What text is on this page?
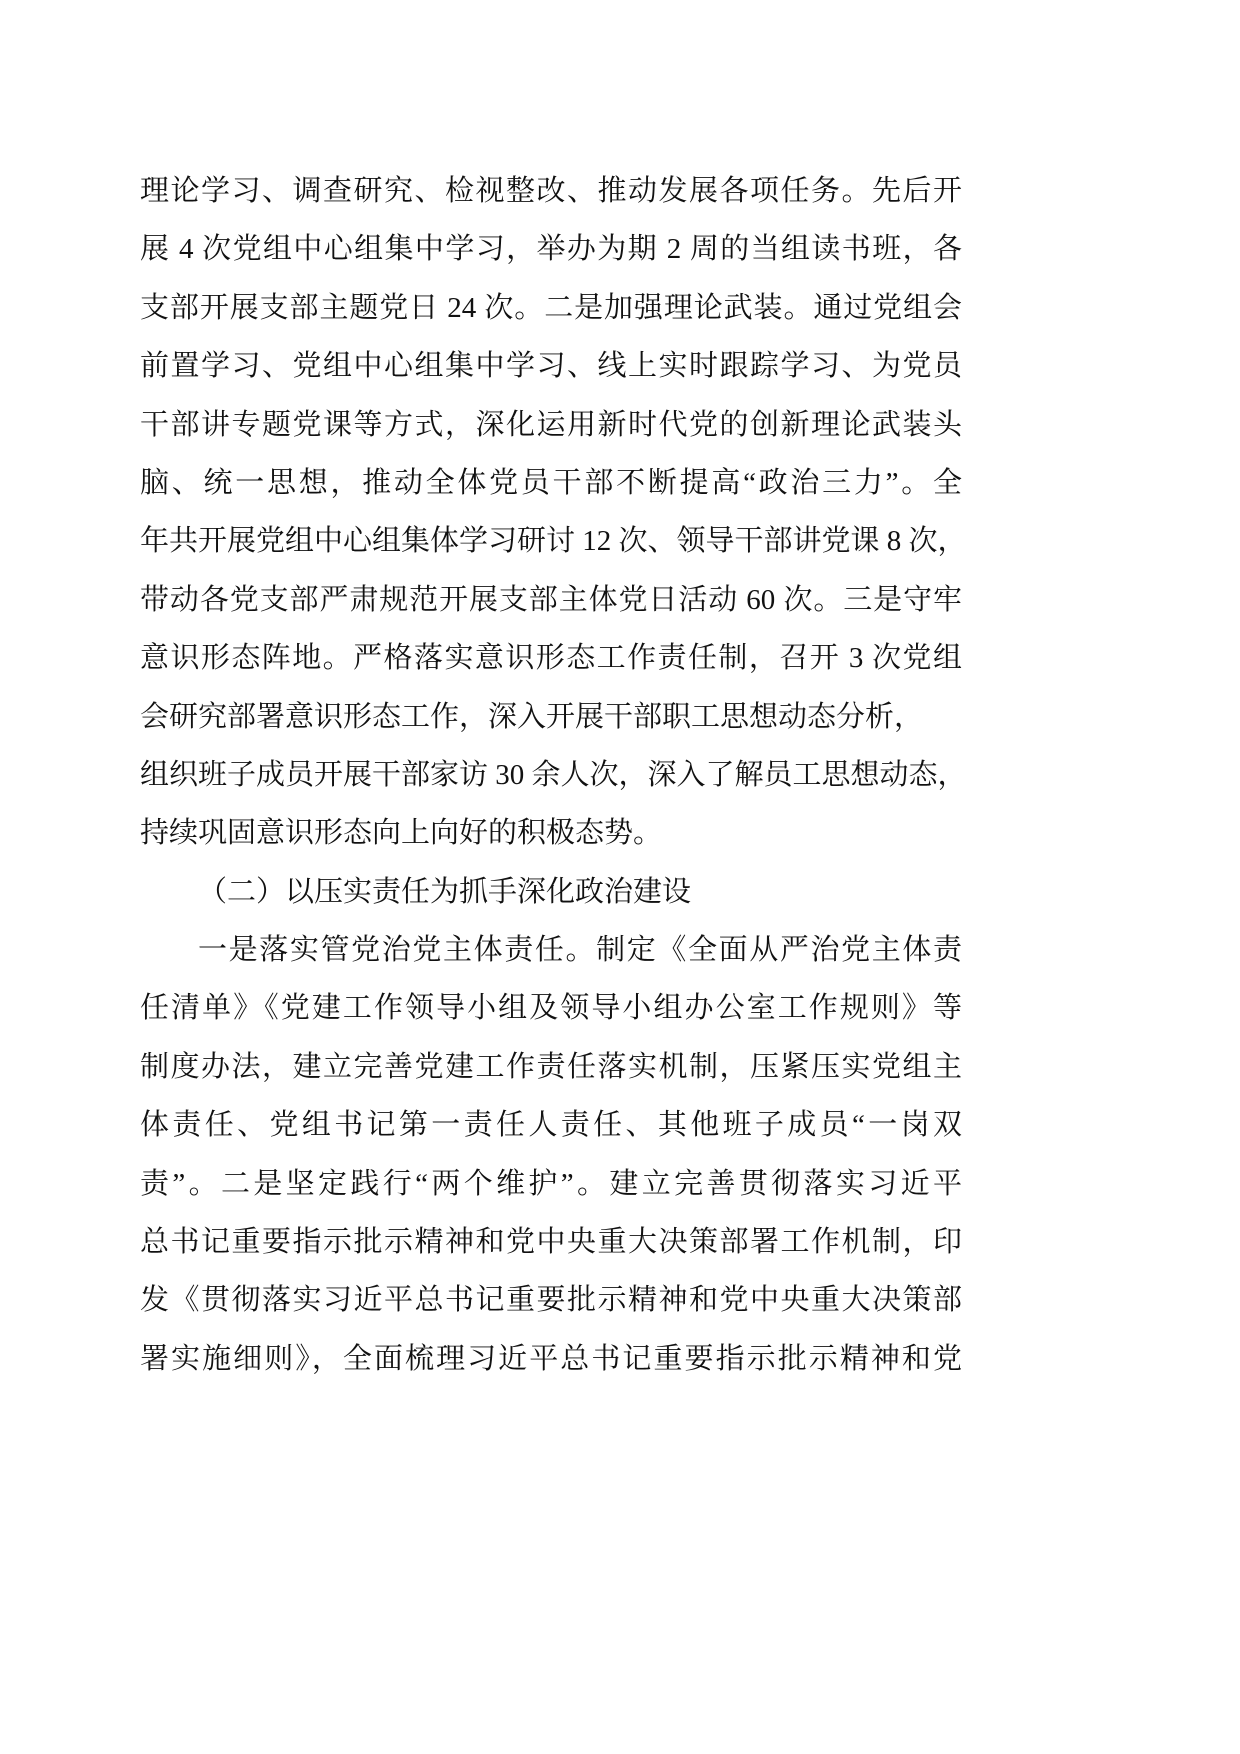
理论学习、调查研究、检视整改、推动发展各项任务。先后开
展 4 次党组中心组集中学习，举办为期 2 周的当组读书班，各
支部开展支部主题党日 24 次。二是加强理论武装。通过党组会
前置学习、党组中心组集中学习、线上实时跟踪学习、为党员
干部讲专题党课等方式，深化运用新时代党的创新理论武装头
脑、统一思想，推动全体党员干部不断提高“政治三力”。全
年共开展党组中心组集体学习研讨 12 次、领导干部讲党课 8 次，
带动各党支部严肃规范开展支部主体党日活动 60 次。三是守牢
意识形态阵地。严格落实意识形态工作责任制，召开 3 次党组
会研究部署意识形态工作，深入开展干部职工思想动态分析，
组织班子成员开展干部家访 30 余人次，深入了解员工思想动态，
持续巩固意识形态向上向好的积极态势。
（二）以压实责任为抓手深化政治建设
一是落实管党治党主体责任。制定《全面从严治党主体责
任清单》《党建工作领导小组及领导小组办公室工作规则》等
制度办法，建立完善党建工作责任落实机制，压紧压实党组主
体责任、党组书记第一责任人责任、其他班子成员“一岗双
责”。二是坚定践行“两个维护”。建立完善贯彻落实习近平
总书记重要指示批示精神和党中央重大决策部署工作机制，印
发《贯彻落实习近平总书记重要批示精神和党中央重大决策部
署实施细则》，全面梳理习近平总书记重要指示批示精神和党
